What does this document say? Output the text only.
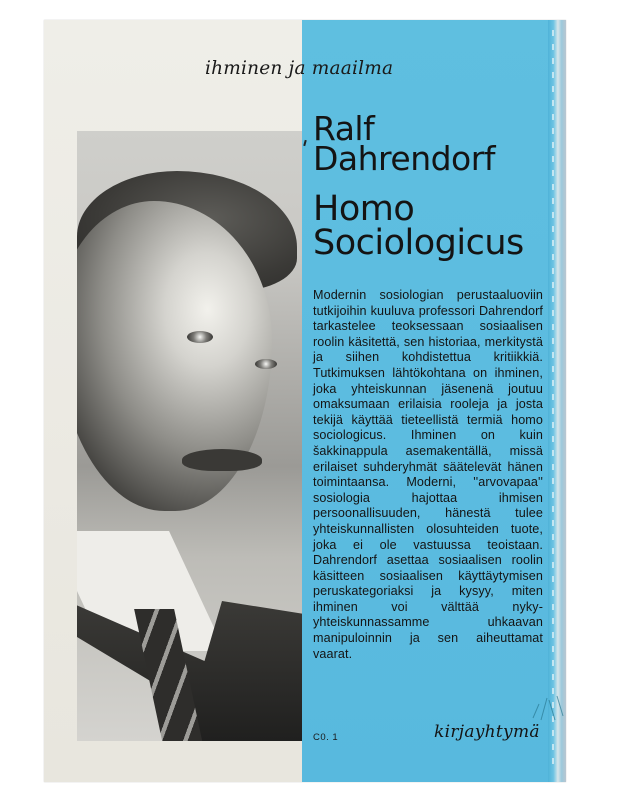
ihminen ja maailma
Ralf
Dahrendorf
Homo
Sociologicus

Modernin sosiologian perustaaluoviin tutkijoihin kuuluva professori Dahrendorf tarkastelee teoksessaan sosiaalisen roolin käsitettä, sen historiaa, merkitystä ja siihen kohdistettua kritiikkiä. Tutkimuksen lähtökohtana on ihminen, joka yhteiskunnan jäsenenä joutuu omaksumaan erilaisia rooleja ja josta tekijä käyttää tieteellistä termiä homo sociologicus. Ihminen on kuin šakkinappula asemakentällä, missä erilaiset suhderyhmät säätelevät hänen toimintaansa. Moderni, ''arvovapaa'' sosiologia hajottaa ihmisen persoonallisuuden, hänestä tulee yhteiskunnallisten olosuhteiden tuote, joka ei ole vastuussa teoistaan. Dahrendorf asettaa sosiaalisen roolin käsitteen sosiaalisen käyttäytymisen peruskategoriaksi ja kysyy, miten ihminen voi välttää nyky-yhteiskunnassamme uhkaavan manipuloinnin ja sen aiheuttamat vaarat.

C0. 1	kirjayhtymä
